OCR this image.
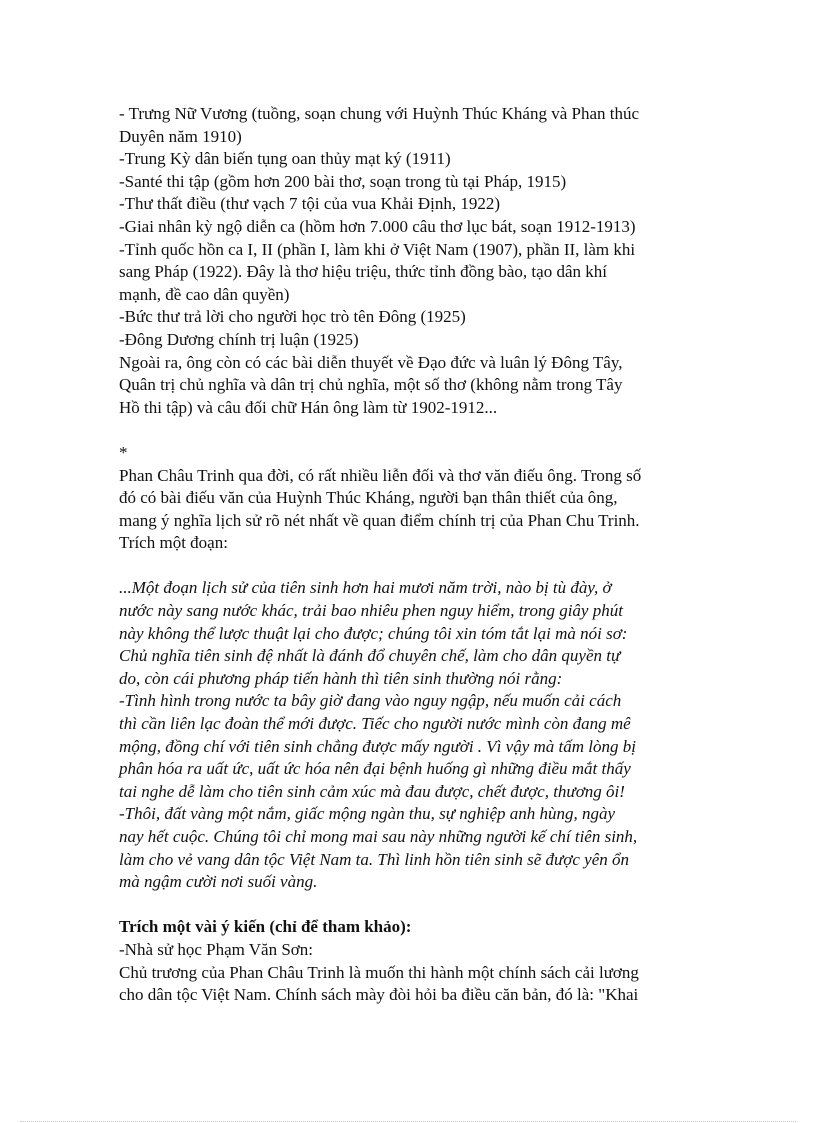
- Trưng Nữ Vương (tuồng, soạn chung với Huỳnh Thúc Kháng và Phan thúc
Duyên năm 1910)
-Trung Kỳ dân biến tụng oan thủy mạt ký (1911)
-Santé thi tập (gồm hơn 200 bài thơ, soạn trong tù tại Pháp, 1915)
-Thư thất điều (thư vạch 7 tội của vua Khải Định, 1922)
-Giai nhân kỳ ngộ diễn ca (hồm hơn 7.000 câu thơ lục bát, soạn 1912-1913)
-Tỉnh quốc hồn ca I, II (phần I, làm khi ở Việt Nam (1907), phần II, làm khi
sang Pháp (1922). Đây là thơ hiệu triệu, thức tỉnh đồng bào, tạo dân khí
mạnh, đề cao dân quyền)
-Bức thư trả lời cho người học trò tên Đông (1925)
-Đông Dương chính trị luận (1925)
Ngoài ra, ông còn có các bài diễn thuyết về Đạo đức và luân lý Đông Tây,
Quân trị chủ nghĩa và dân trị chủ nghĩa, một số thơ (không nằm trong Tây
Hồ thi tập) và câu đối chữ Hán ông làm từ 1902-1912...
*
Phan Châu Trinh qua đời, có rất nhiều liễn đối và thơ văn điếu ông. Trong số
đó có bài điếu văn của Huỳnh Thúc Kháng, người bạn thân thiết của ông,
mang ý nghĩa lịch sử rõ nét nhất về quan điểm chính trị của Phan Chu Trinh.
Trích một đoạn:
...Một đoạn lịch sử của tiên sinh hơn hai mươi năm trời, nào bị tù đày, ở
nước này sang nước khác, trải bao nhiêu phen nguy hiểm, trong giây phút
này không thể lược thuật lại cho được; chúng tôi xin tóm tắt lại mà nói sơ:
Chủ nghĩa tiên sinh đệ nhất là đánh đổ chuyên chế, làm cho dân quyền tự
do, còn cái phương pháp tiến hành thì tiên sinh thường nói rằng:
-Tình hình trong nước ta bây giờ đang vào nguy ngập, nếu muốn cải cách
thì cần liên lạc đoàn thể mới được. Tiếc cho người nước mình còn đang mê
mộng, đồng chí với tiên sinh chẳng được mấy người . Vì vậy mà tấm lòng bị
phân hóa ra uất ức, uất ức hóa nên đại bệnh huống gì những điều mắt thấy
tai nghe dễ làm cho tiên sinh cảm xúc mà đau được, chết được, thương ôi!
-Thôi, đất vàng một nắm, giấc mộng ngàn thu, sự nghiệp anh hùng, ngày
nay hết cuộc. Chúng tôi chỉ mong mai sau này những người kế chí tiên sinh,
làm cho vẻ vang dân tộc Việt Nam ta. Thì linh hồn tiên sinh sẽ được yên ổn
mà ngậm cười nơi suối vàng.
Trích một vài ý kiến (chỉ để tham khảo):
-Nhà sử học Phạm Văn Sơn:
Chủ trương của Phan Châu Trinh là muốn thi hành một chính sách cải lương
cho dân tộc Việt Nam. Chính sách mày đòi hỏi ba điều căn bản, đó là: "Khai
